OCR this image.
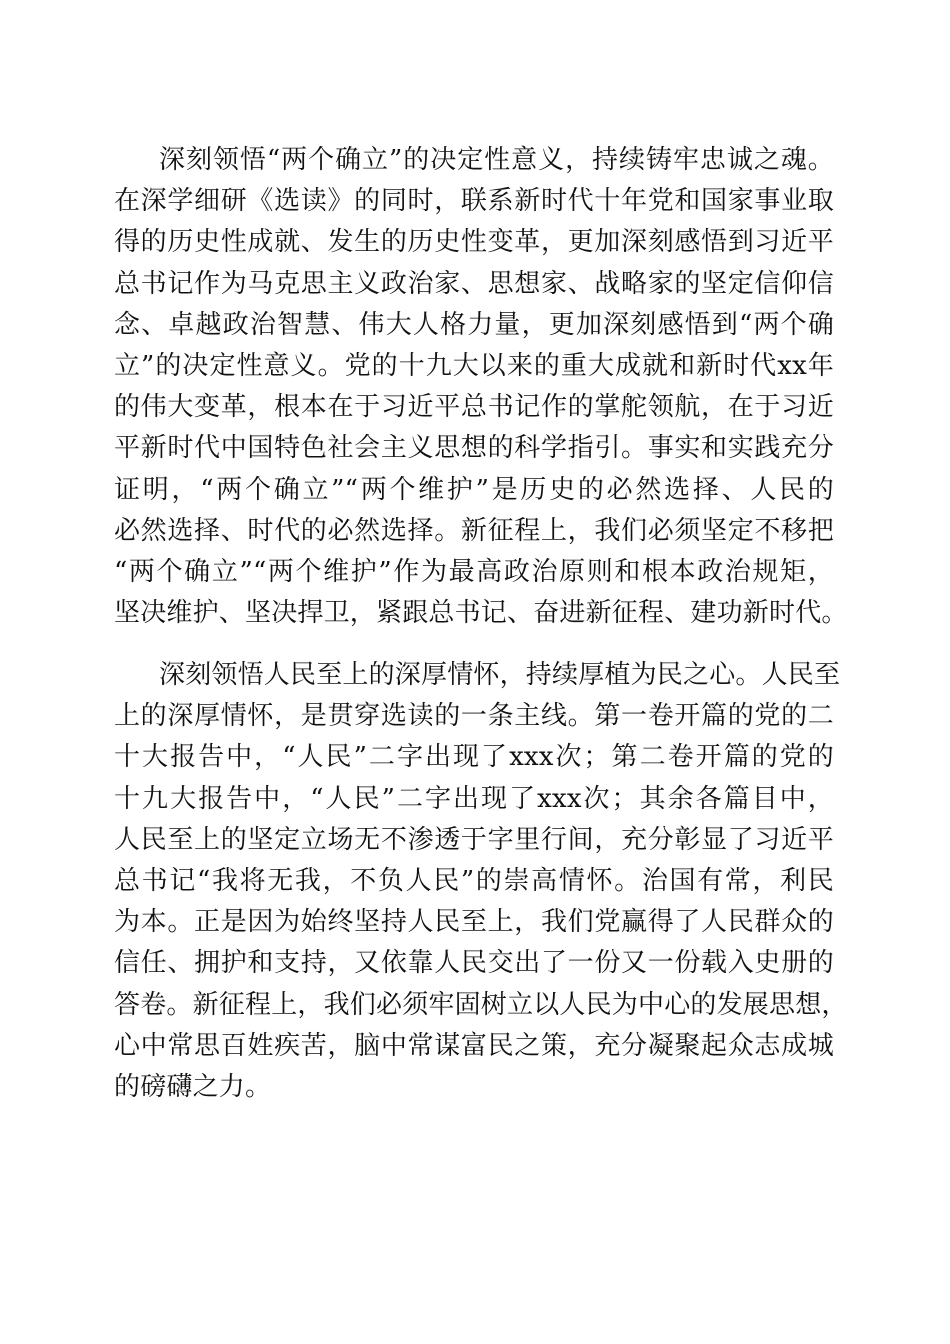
深刻领悟“两个确立”的决定性意义，持续铸牢忠诚之魂。
在深学细研《选读》的同时，联系新时代十年党和国家事业取
得的历史性成就、发生的历史性变革，更加深刻感悟到习近平
总书记作为马克思主义政治家、思想家、战略家的坚定信仰信
念、卓越政治智慧、伟大人格力量，更加深刻感悟到“两个确
立”的决定性意义。党的十九大以来的重大成就和新时代xx年
的伟大变革，根本在于习近平总书记作的掌舵领航，在于习近
平新时代中国特色社会主义思想的科学指引。事实和实践充分
证明，“两个确立”“两个维护”是历史的必然选择、人民的
必然选择、时代的必然选择。新征程上，我们必须坚定不移把
“两个确立”“两个维护”作为最高政治原则和根本政治规矩，
坚决维护、坚决捍卫，紧跟总书记、奋进新征程、建功新时代。
深刻领悟人民至上的深厚情怀，持续厚植为民之心。人民至
上的深厚情怀，是贯穿选读的一条主线。第一卷开篇的党的二
十大报告中，“人民”二字出现了xxx次；第二卷开篇的党的
十九大报告中，“人民”二字出现了xxx次；其余各篇目中，
人民至上的坚定立场无不渗透于字里行间，充分彰显了习近平
总书记“我将无我，不负人民”的崇高情怀。治国有常，利民
为本。正是因为始终坚持人民至上，我们党赢得了人民群众的
信任、拥护和支持，又依靠人民交出了一份又一份载入史册的
答卷。新征程上，我们必须牢固树立以人民为中心的发展思想，
心中常思百姓疾苦，脑中常谋富民之策，充分凝聚起众志成城
的磅礴之力。
